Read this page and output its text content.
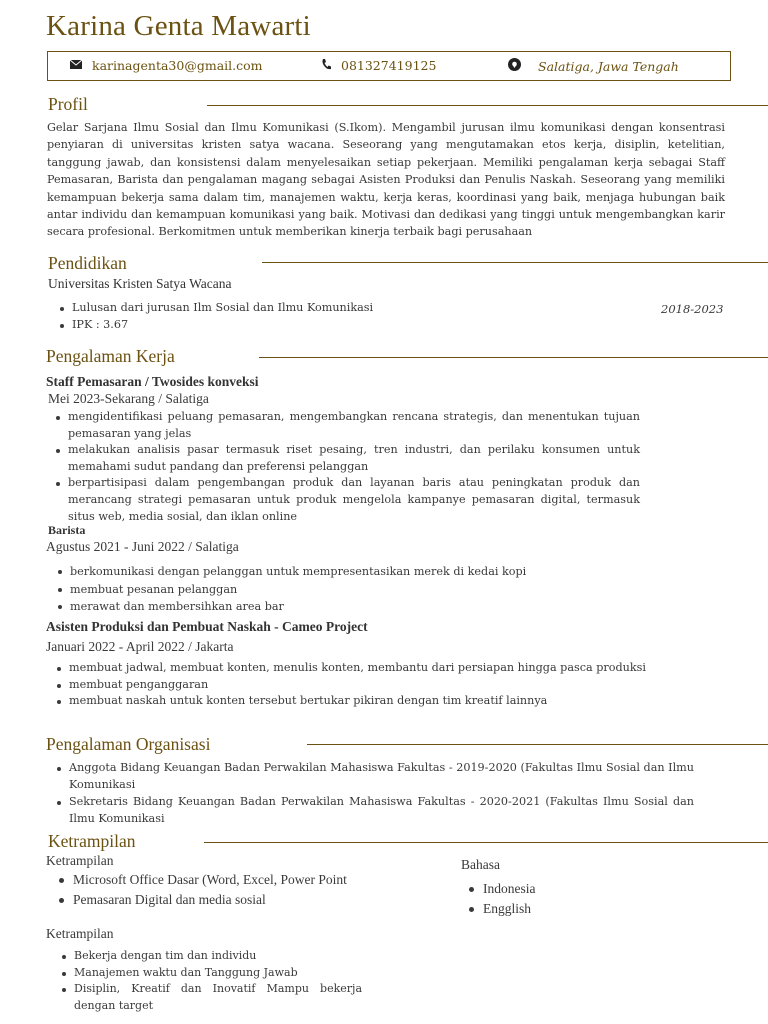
Karina Genta Mawarti
karinagenta30@gmail.com	081327419125	Salatiga, Jawa Tengah
Profil
Gelar Sarjana Ilmu Sosial dan Ilmu Komunikasi (S.Ikom). Mengambil jurusan ilmu komunikasi dengan konsentrasi penyiaran di universitas kristen satya wacana. Seseorang yang mengutamakan etos kerja, disiplin, ketelitian, tanggung jawab, dan konsistensi dalam menyelesaikan setiap pekerjaan. Memiliki pengalaman kerja sebagai Staff Pemasaran, Barista dan pengalaman magang sebagai Asisten Produksi dan Penulis Naskah. Seseorang yang memiliki kemampuan bekerja sama dalam tim, manajemen waktu, kerja keras, koordinasi yang baik, menjaga hubungan baik antar individu dan kemampuan komunikasi yang baik. Motivasi dan dedikasi yang tinggi untuk mengembangkan karir secara profesional. Berkomitmen untuk memberikan kinerja terbaik bagi perusahaan
Pendidikan
Universitas Kristen Satya Wacana
Lulusan dari jurusan Ilm Sosial dan Ilmu Komunikasi
IPK : 3.67
2018-2023
Pengalaman Kerja
Staff Pemasaran / Twosides konveksi
Mei 2023-Sekarang / Salatiga
mengidentifikasi peluang pemasaran, mengembangkan rencana strategis, dan menentukan tujuan pemasaran yang jelas
melakukan analisis pasar termasuk riset pesaing, tren industri, dan perilaku konsumen untuk memahami sudut pandang dan preferensi pelanggan
berpartisipasi dalam pengembangan produk dan layanan baris atau peningkatan produk dan merancang strategi pemasaran untuk produk mengelola kampanye pemasaran digital, termasuk situs web, media sosial, dan iklan online
Barista
Agustus 2021 - Juni 2022 / Salatiga
berkomunikasi dengan pelanggan untuk mempresentasikan merek di kedai kopi
membuat pesanan pelanggan
merawat dan membersihkan area bar
Asisten Produksi dan Pembuat Naskah - Cameo Project
Januari 2022 - April 2022 / Jakarta
membuat jadwal, membuat konten, menulis konten, membantu dari persiapan hingga pasca produksi
membuat penganggaran
membuat naskah untuk konten tersebut bertukar pikiran dengan tim kreatif lainnya
Pengalaman Organisasi
Anggota Bidang Keuangan Badan Perwakilan Mahasiswa Fakultas - 2019-2020 (Fakultas Ilmu Sosial dan Ilmu Komunikasi
Sekretaris Bidang Keuangan Badan Perwakilan Mahasiswa Fakultas - 2020-2021 (Fakultas Ilmu Sosial dan Ilmu Komunikasi
Ketrampilan
Ketrampilan
Microsoft Office Dasar (Word, Excel, Power Point
Pemasaran Digital dan media sosial
Ketrampilan
Bekerja dengan tim dan individu
Manajemen waktu dan Tanggung Jawab
Disiplin, Kreatif dan Inovatif Mampu bekerja dengan target
Bahasa
Indonesia
Engglish
